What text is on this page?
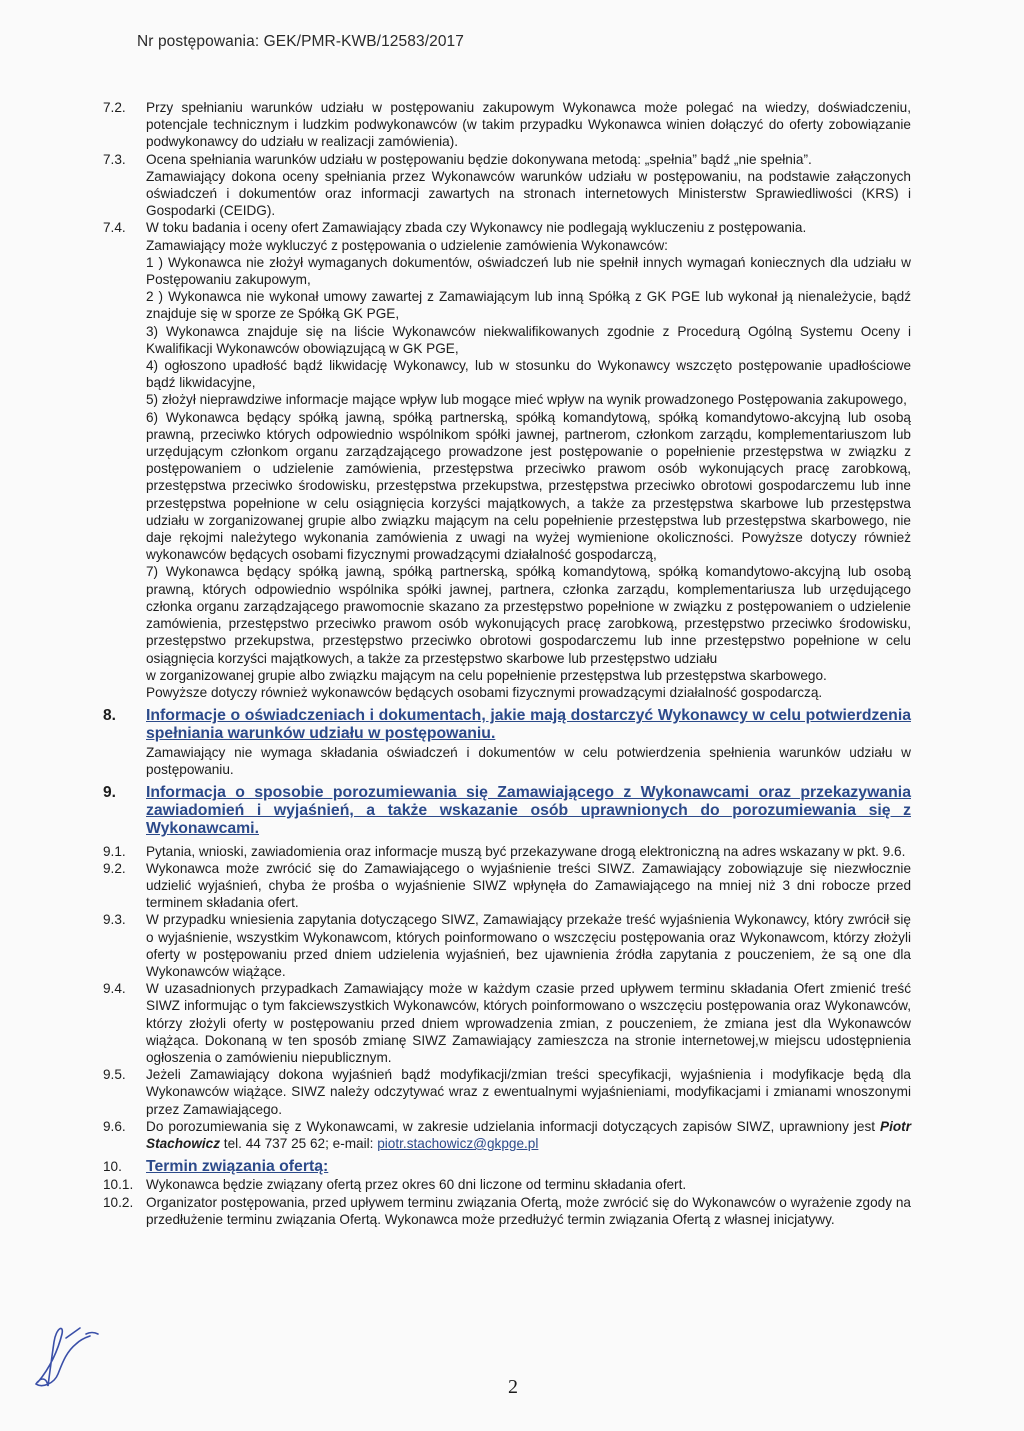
Nr postępowania: GEK/PMR-KWB/12583/2017
7.2.	Przy spełnianiu warunków udziału w postępowaniu zakupowym Wykonawca może polegać na wiedzy, doświadczeniu, potencjale technicznym i ludzkim podwykonawców (w takim przypadku Wykonawca winien dołączyć do oferty zobowiązanie podwykonawcy do udziału w realizacji zamówienia).

7.3.	Ocena spełniania warunków udziału w postępowaniu będzie dokonywana metodą: „spełnia” bądź „nie spełnia”.

Zamawiający dokona oceny spełniania przez Wykonawców warunków udziału w postępowaniu, na podstawie załączonych oświadczeń i dokumentów oraz informacji zawartych na stronach internetowych Ministerstw Sprawiedliwości (KRS) i Gospodarki (CEIDG).

7.4.	W toku badania i oceny ofert Zamawiający zbada czy Wykonawcy nie podlegają wykluczeniu z postępowania.

Zamawiający może wykluczyć z postępowania o udzielenie zamówienia Wykonawców:

1 ) Wykonawca nie złożył wymaganych dokumentów, oświadczeń lub nie spełnił innych wymagań koniecznych dla udziału w Postępowaniu zakupowym,

2 ) Wykonawca nie wykonał umowy zawartej z Zamawiającym lub inną Spółką z GK PGE lub wykonał ją nienależycie, bądź znajduje się w sporze ze Spółką GK PGE,

3) Wykonawca znajduje się na liście Wykonawców niekwalifikowanych zgodnie z Procedurą Ogólną Systemu Oceny i Kwalifikacji Wykonawców obowiązującą w GK PGE,

4) ogłoszono upadłość bądź likwidację Wykonawcy, lub w stosunku do Wykonawcy wszczęto postępowanie upadłościowe bądź likwidacyjne,

5) złożył nieprawdziwe informacje mające wpływ lub mogące mieć wpływ na wynik prowadzonego Postępowania zakupowego,

6) Wykonawca będący spółką jawną, spółką partnerską, spółką komandytową, spółką komandytowo-akcyjną lub osobą prawną, przeciwko których odpowiednio wspólnikom spółki jawnej, partnerom, członkom zarządu, komplementariuszom lub urzędującym członkom organu zarządzającego prowadzone jest postępowanie o popełnienie przestępstwa w związku z postępowaniem o udzielenie zamówienia, przestępstwa przeciwko prawom osób wykonujących pracę zarobkową, przestępstwa przeciwko środowisku, przestępstwa przekupstwa, przestępstwa przeciwko obrotowi gospodarczemu lub inne przestępstwa popełnione w celu osiągnięcia korzyści majątkowych, a także za przestępstwa skarbowe lub przestępstwa udziału w zorganizowanej grupie albo związku mającym na celu popełnienie przestępstwa lub przestępstwa skarbowego, nie daje rękojmi należytego wykonania zamówienia z uwagi na wyżej wymienione okoliczności. Powyższe dotyczy również wykonawców będących osobami fizycznymi prowadzącymi działalność gospodarczą,

7) Wykonawca będący spółką jawną, spółką partnerską, spółką komandytową, spółką komandytowo-akcyjną lub osobą prawną, których odpowiednio wspólnika spółki jawnej, partnera, członka zarządu, komplementariusza lub urzędującego członka organu zarządzającego prawomocnie skazano za przestępstwo popełnione w związku z postępowaniem o udzielenie zamówienia, przestępstwo przeciwko prawom osób wykonujących pracę zarobkową, przestępstwo przeciwko środowisku, przestępstwo przekupstwa, przestępstwo przeciwko obrotowi gospodarczemu lub inne przestępstwo popełnione w celu osiągnięcia korzyści majątkowych, a także za przestępstwo skarbowe lub przestępstwo udziału

w zorganizowanej grupie albo związku mającym na celu popełnienie przestępstwa lub przestępstwa skarbowego.

Powyższe dotyczy również wykonawców będących osobami fizycznymi prowadzącymi działalność gospodarczą.

8.	Informacje o oświadczeniach i dokumentach, jakie mają dostarczyć Wykonawcy w celu potwierdzenia spełniania warunków udziału w postępowaniu.

Zamawiający nie wymaga składania oświadczeń i dokumentów w celu potwierdzenia spełnienia warunków udziału w postępowaniu.

9.	Informacja o sposobie porozumiewania się Zamawiającego z Wykonawcami oraz przekazywania zawiadomień i wyjaśnień, a także wskazanie osób uprawnionych do porozumiewania się z Wykonawcami.

9.1.	Pytania, wnioski, zawiadomienia oraz informacje muszą być przekazywane drogą elektroniczną na adres wskazany w pkt. 9.6.

9.2.	Wykonawca może zwrócić się do Zamawiającego o wyjaśnienie treści SIWZ. Zamawiający zobowiązuje się niezwłocznie udzielić wyjaśnień, chyba że prośba o wyjaśnienie SIWZ wpłynęła do Zamawiającego na mniej niż 3 dni robocze przed terminem składania ofert.

9.3.	W przypadku wniesienia zapytania dotyczącego SIWZ, Zamawiający przekaże treść wyjaśnienia Wykonawcy, który zwrócił się o wyjaśnienie, wszystkim Wykonawcom, których poinformowano o wszczęciu postępowania oraz Wykonawcom, którzy złożyli oferty w postępowaniu przed dniem udzielenia wyjaśnień, bez ujawnienia źródła zapytania z pouczeniem, że są one dla Wykonawców wiążące.

9.4.	W uzasadnionych przypadkach Zamawiający może w każdym czasie przed upływem terminu składania Ofert zmienić treść SIWZ informując o tym fakciewszystkich Wykonawców, których poinformowano o wszczęciu postępowania oraz Wykonawców, którzy złożyli oferty w postępowaniu przed dniem wprowadzenia zmian, z pouczeniem, że zmiana jest dla Wykonawców wiążąca. Dokonaną w ten sposób zmianę SIWZ Zamawiający zamieszcza na stronie internetowej,w miejscu udostępnienia ogłoszenia o zamówieniu niepublicznym.

9.5.	Jeżeli Zamawiający dokona wyjaśnień bądź modyfikacji/zmian treści specyfikacji, wyjaśnienia i modyfikacje będą dla Wykonawców wiążące. SIWZ należy odczytywać wraz z ewentualnymi wyjaśnieniami, modyfikacjami i zmianami wnoszonymi przez Zamawiającego.

9.6.	Do porozumiewania się z Wykonawcami, w zakresie udzielania informacji dotyczących zapisów SIWZ, uprawniony jest Piotr Stachowicz tel. 44 737 25 62; e-mail: piotr.stachowicz@gkpge.pl

10.	Termin związania ofertą:

10.1. Wykonawca będzie związany ofertą przez okres 60 dni liczone od terminu składania ofert.

10.2. Organizator postępowania, przed upływem terminu związania Ofertą, może zwrócić się do Wykonawców o wyrażenie zgody na przedłużenie terminu związania Ofertą. Wykonawca może przedłużyć termin związania Ofertą z własnej inicjatywy.

2
